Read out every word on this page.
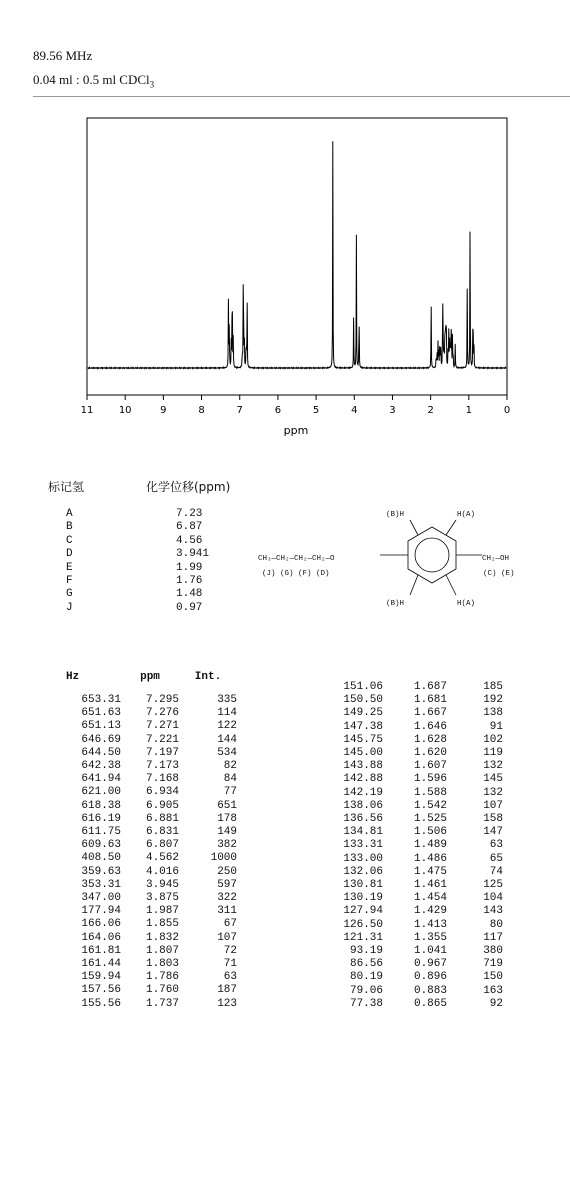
89.56 MHz
0.04 ml : 0.5 ml CDCl$_3$
11	10	9	8	7	6	5	4	3	2	1	0
ppm
标记氢	化学位移(ppm)
A	7.23
B	6.87
C	4.56
D	3.941
E	1.99
F	1.76
G	1.48
J	0.97
CH₃—CH₂—CH₂—CH₂—O
(J) (G) (F) (D)
CH₂—OH
(C) (E)
(B)H	H(A)
(B)H	H(A)
Hz	ppm	Int.

653.31	7.295	335
651.63	7.276	114
651.13	7.271	122
646.69	7.221	144
644.50	7.197	534
642.38	7.173	82
641.94	7.168	84
621.00	6.934	77
618.38	6.905	651
616.19	6.881	178
611.75	6.831	149
609.63	6.807	382
408.50	4.562	1000
359.63	4.016	250
353.31	3.945	597
347.00	3.875	322
177.94	1.987	311
166.06	1.855	67
164.06	1.832	107
161.81	1.807	72
161.44	1.803	71
159.94	1.786	63
157.56	1.760	187
155.56	1.737	123
151.06	1.687	185
150.50	1.681	192
149.25	1.667	138
147.38	1.646	91
145.75	1.628	102
145.00	1.620	119
143.88	1.607	132
142.88	1.596	145
142.19	1.588	132
138.06	1.542	107
136.56	1.525	158
134.81	1.506	147
133.31	1.489	63
133.00	1.486	65
132.06	1.475	74
130.81	1.461	125
130.19	1.454	104
127.94	1.429	143
126.50	1.413	80
121.31	1.355	117
93.19	1.041	380
86.56	0.967	719
80.19	0.896	150
79.06	0.883	163
77.38	0.865	92
